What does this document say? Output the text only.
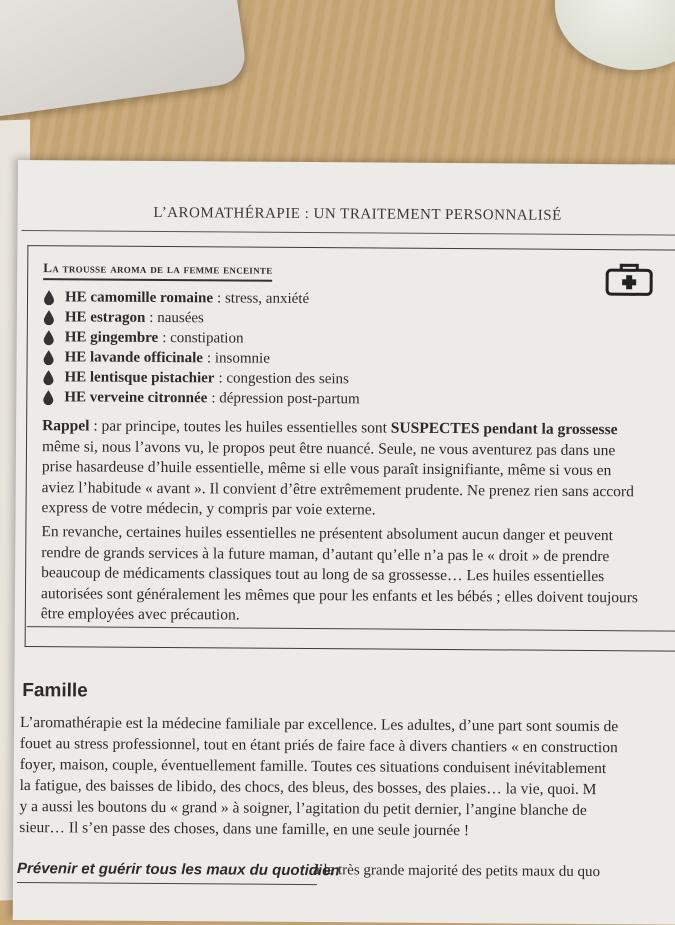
L’AROMATHÉRAPIE : UN TRAITEMENT PERSONNALISÉ
La trousse aroma de la femme enceinte
HE camomille romaine : stress, anxiété
HE estragon : nausées
HE gingembre : constipation
HE lavande officinale : insomnie
HE lentisque pistachier : congestion des seins
HE verveine citronnée : dépression post-partum
Rappel : par principe, toutes les huiles essentielles sont SUSPECTES pendant la grossesse
même si, nous l’avons vu, le propos peut être nuancé. Seule, ne vous aventurez pas dans une
prise hasardeuse d’huile essentielle, même si elle vous paraît insignifiante, même si vous en
aviez l’habitude « avant ». Il convient d’être extrêmement prudente. Ne prenez rien sans accord
express de votre médecin, y compris par voie externe.
En revanche, certaines huiles essentielles ne présentent absolument aucun danger et peuvent
rendre de grands services à la future maman, d’autant qu’elle n’a pas le « droit » de prendre
beaucoup de médicaments classiques tout au long de sa grossesse… Les huiles essentielles
autorisées sont généralement les mêmes que pour les enfants et les bébés ; elles doivent toujours
être employées avec précaution.
Famille
L’aromathérapie est la médecine familiale par excellence. Les adultes, d’une part sont soumis de
fouet au stress professionnel, tout en étant priés de faire face à divers chantiers « en construction
foyer, maison, couple, éventuellement famille. Toutes ces situations conduisent inévitablement
la fatigue, des baisses de libido, des chocs, des bleus, des bosses, des plaies… la vie, quoi. M
y a aussi les boutons du « grand » à soigner, l’agitation du petit dernier, l’angine blanche de
sieur… Il s’en passe des choses, dans une famille, en une seule journée !
Prévenir et guérir tous les maux du quotidien
à la très grande majorité des petits maux du quo
